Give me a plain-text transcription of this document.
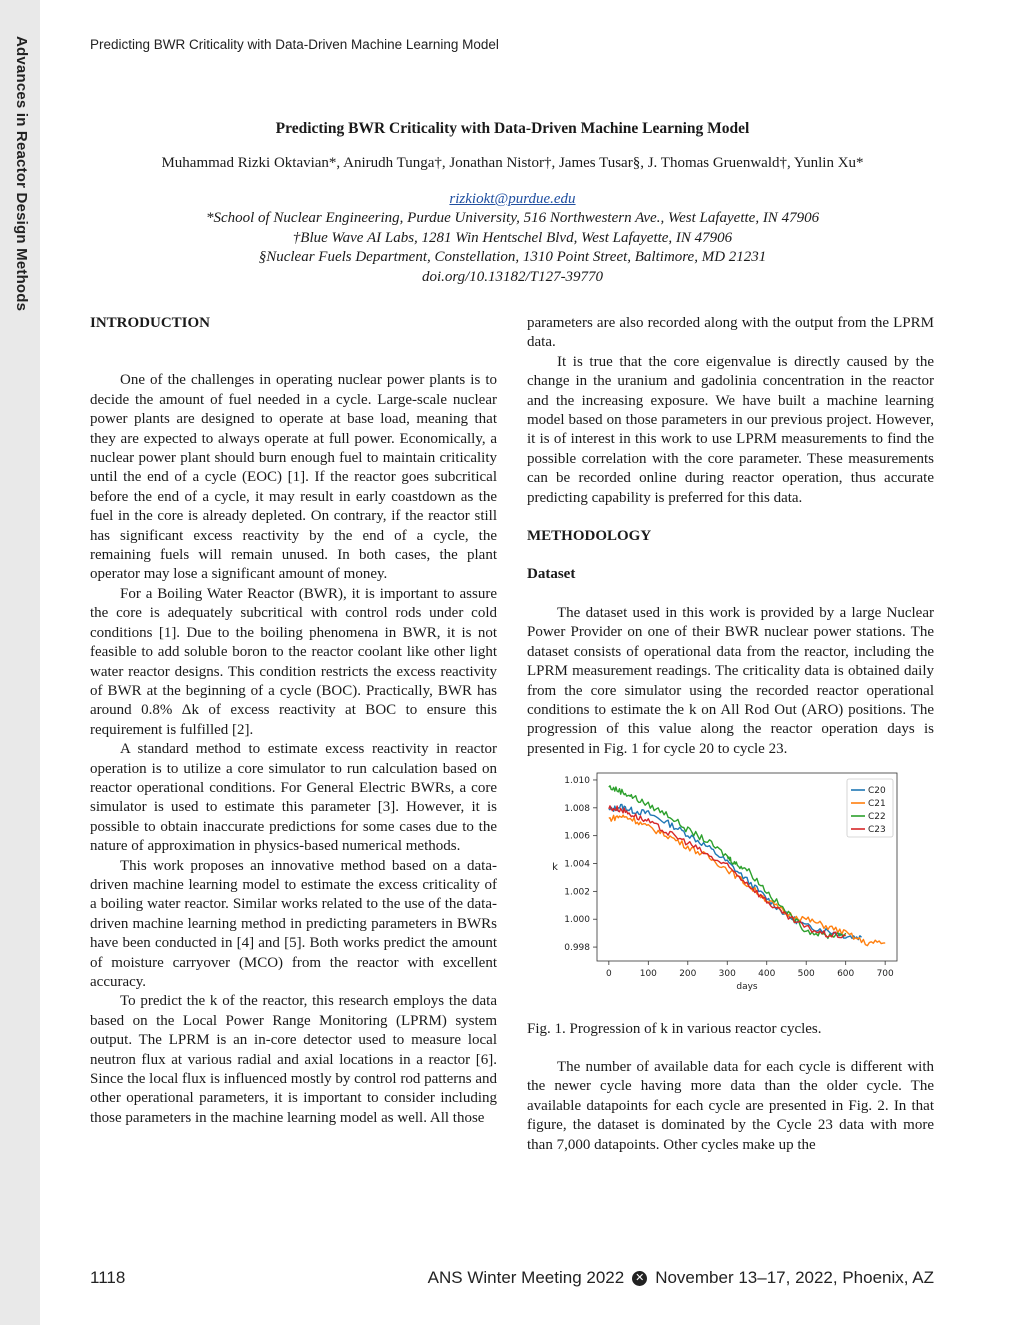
Advances in Reactor Design Methods	Predicting BWR Criticality with Data-Driven Machine Learning Model

Predicting BWR Criticality with Data-Driven Machine Learning Model

Muhammad Rizki Oktavian*, Anirudh Tunga†, Jonathan Nistor†, James Tusar§, J. Thomas Gruenwald†, Yunlin Xu*

rizkiokt@purdue.edu
*School of Nuclear Engineering, Purdue University, 516 Northwestern Ave., West Lafayette, IN 47906
†Blue Wave AI Labs, 1281 Win Hentschel Blvd, West Lafayette, IN 47906
§Nuclear Fuels Department, Constellation, 1310 Point Street, Baltimore, MD 21231
doi.org/10.13182/T127-39770

INTRODUCTION

One of the challenges in operating nuclear power plants is to decide the amount of fuel needed in a cycle. Large-scale nuclear power plants are designed to operate at base load, meaning that they are expected to always operate at full power. Economically, a nuclear power plant should burn enough fuel to maintain criticality until the end of a cycle (EOC) [1]. If the reactor goes subcritical before the end of a cycle, it may result in early coastdown as the fuel in the core is already depleted. On contrary, if the reactor still has significant excess reactivity by the end of a cycle, the remaining fuels will remain unused. In both cases, the plant operator may lose a significant amount of money.

For a Boiling Water Reactor (BWR), it is important to assure the core is adequately subcritical with control rods under cold conditions [1]. Due to the boiling phenomena in BWR, it is not feasible to add soluble boron to the reactor coolant like other light water reactor designs. This condition restricts the excess reactivity of BWR at the beginning of a cycle (BOC). Practically, BWR has around 0.8% Δk of excess reactivity at BOC to ensure this requirement is fulfilled [2].

A standard method to estimate excess reactivity in reactor operation is to utilize a core simulator to run calculation based on reactor operational conditions. For General Electric BWRs, a core simulator is used to estimate this parameter [3]. However, it is possible to obtain inaccurate predictions for some cases due to the nature of approximation in physics-based numerical methods.

This work proposes an innovative method based on a data-driven machine learning model to estimate the excess criticality of a boiling water reactor. Similar works related to the use of the data-driven machine learning method in predicting parameters in BWRs have been conducted in [4] and [5]. Both works predict the amount of moisture carryover (MCO) from the reactor with excellent accuracy.

To predict the k of the reactor, this research employs the data based on the Local Power Range Monitoring (LPRM) system output. The LPRM is an in-core detector used to measure local neutron flux at various radial and axial locations in a reactor [6]. Since the local flux is influenced mostly by control rod patterns and other operational parameters, it is important to consider including those parameters in the machine learning model as well. All those

parameters are also recorded along with the output from the LPRM data.

It is true that the core eigenvalue is directly caused by the change in the uranium and gadolinia concentration in the reactor and the increasing exposure. We have built a machine learning model based on those parameters in our previous project. However, it is of interest in this work to use LPRM measurements to find the possible correlation with the core parameter. These measurements can be recorded online during reactor operation, thus accurate predicting capability is preferred for this data.

METHODOLOGY

Dataset

The dataset used in this work is provided by a large Nuclear Power Provider on one of their BWR nuclear power stations. The dataset consists of operational data from the reactor, including the LPRM measurement readings. The criticality data is obtained daily from the core simulator using the recorded reactor operational conditions to estimate the k on All Rod Out (ARO) positions. The progression of this value along the reactor operation days is presented in Fig. 1 for cycle 20 to cycle 23.

0	100 200 300 400 500 600 700
0.998
1.000
1.002
1.004
1.006
1.008
1.010
days
k
C20
C21
C22
C23

Fig. 1. Progression of k in various reactor cycles.

The number of available data for each cycle is different with the newer cycle having more data than the older cycle. The available datapoints for each cycle are presented in Fig. 2. In that figure, the dataset is dominated by the Cycle 23 data with more than 7,000 datapoints. Other cycles make up the

1118	ANS Winter Meeting 2022 ✕ November 13–17, 2022, Phoenix, AZ
